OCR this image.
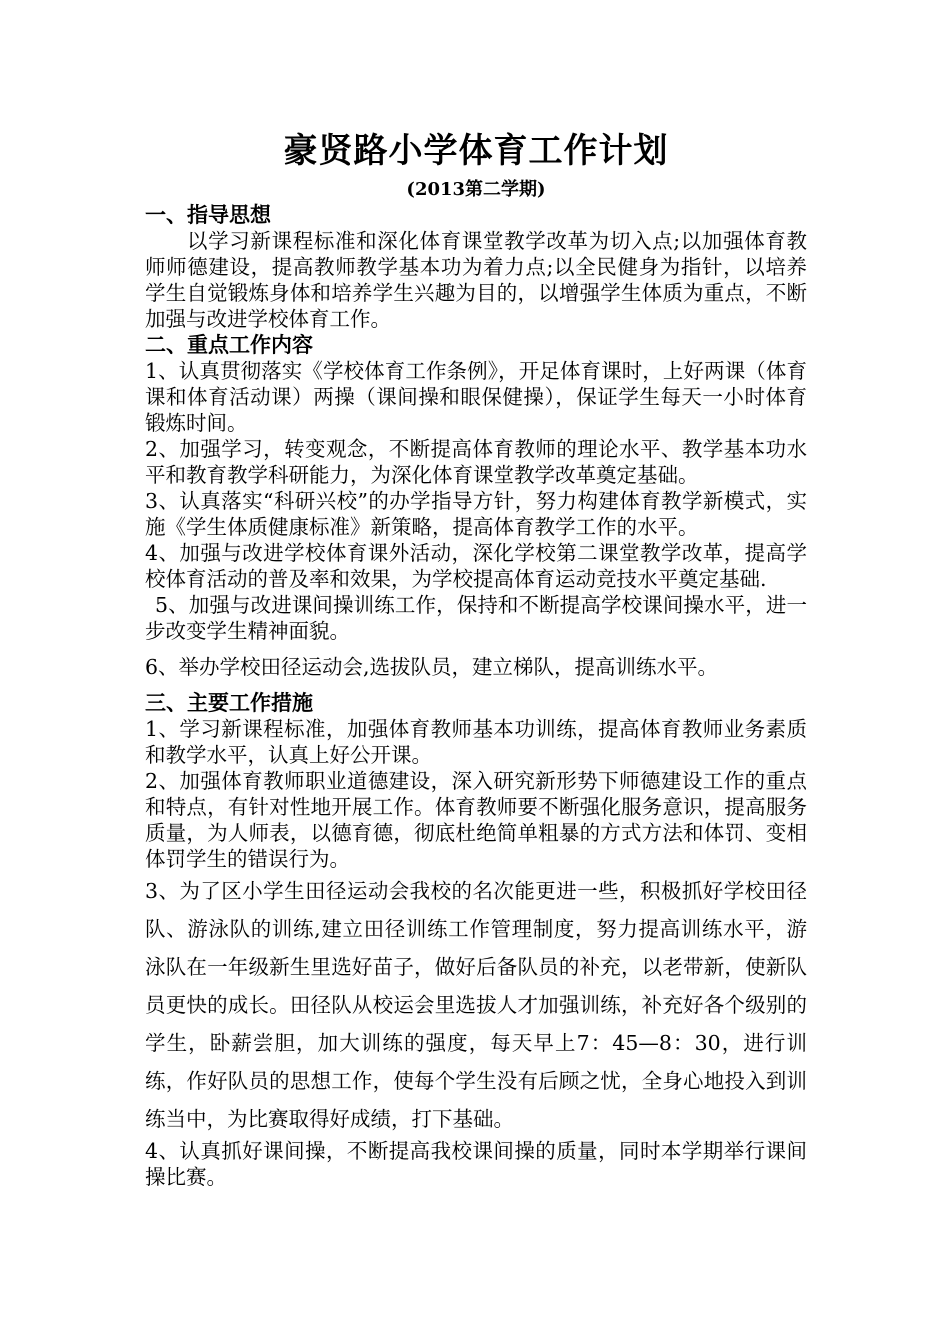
豪贤路小学体育工作计划

(2013第二学期)

一、指导思想

以学习新课程标准和深化体育课堂教学改革为切入点;以加强体育教师师德建设，提高教师教学基本功为着力点;以全民健身为指针，以培养学生自觉锻炼身体和培养学生兴趣为目的，以增强学生体质为重点，不断加强与改进学校体育工作。

二、重点工作内容

1、认真贯彻落实《学校体育工作条例》，开足体育课时，上好两课（体育课和体育活动课）两操（课间操和眼保健操），保证学生每天一小时体育锻炼时间。

2、加强学习，转变观念，不断提高体育教师的理论水平、教学基本功水平和教育教学科研能力，为深化体育课堂教学改革奠定基础。

3、认真落实“科研兴校”的办学指导方针，努力构建体育教学新模式，实施《学生体质健康标准》新策略，提高体育教学工作的水平。

4、加强与改进学校体育课外活动，深化学校第二课堂教学改革，提高学校体育活动的普及率和效果，为学校提高体育运动竞技水平奠定基础.

5、加强与改进课间操训练工作，保持和不断提高学校课间操水平，进一步改变学生精神面貌。

6、举办学校田径运动会,选拔队员，建立梯队，提高训练水平。

三、主要工作措施

1、学习新课程标准，加强体育教师基本功训练，提高体育教师业务素质和教学水平，认真上好公开课。

2、加强体育教师职业道德建设，深入研究新形势下师德建设工作的重点和特点，有针对性地开展工作。体育教师要不断强化服务意识，提高服务质量，为人师表，以德育德，彻底杜绝简单粗暴的方式方法和体罚、变相体罚学生的错误行为。

3、为了区小学生田径运动会我校的名次能更进一些，积极抓好学校田径队、游泳队的训练,建立田径训练工作管理制度，努力提高训练水平，游泳队在一年级新生里选好苗子，做好后备队员的补充，以老带新，使新队员更快的成长。田径队从校运会里选拔人才加强训练，补充好各个级别的学生，卧薪尝胆，加大训练的强度，每天早上7：45—8：30，进行训练，作好队员的思想工作，使每个学生没有后顾之忧，全身心地投入到训练当中，为比赛取得好成绩，打下基础。

4、认真抓好课间操，不断提高我校课间操的质量，同时本学期举行课间操比赛。
